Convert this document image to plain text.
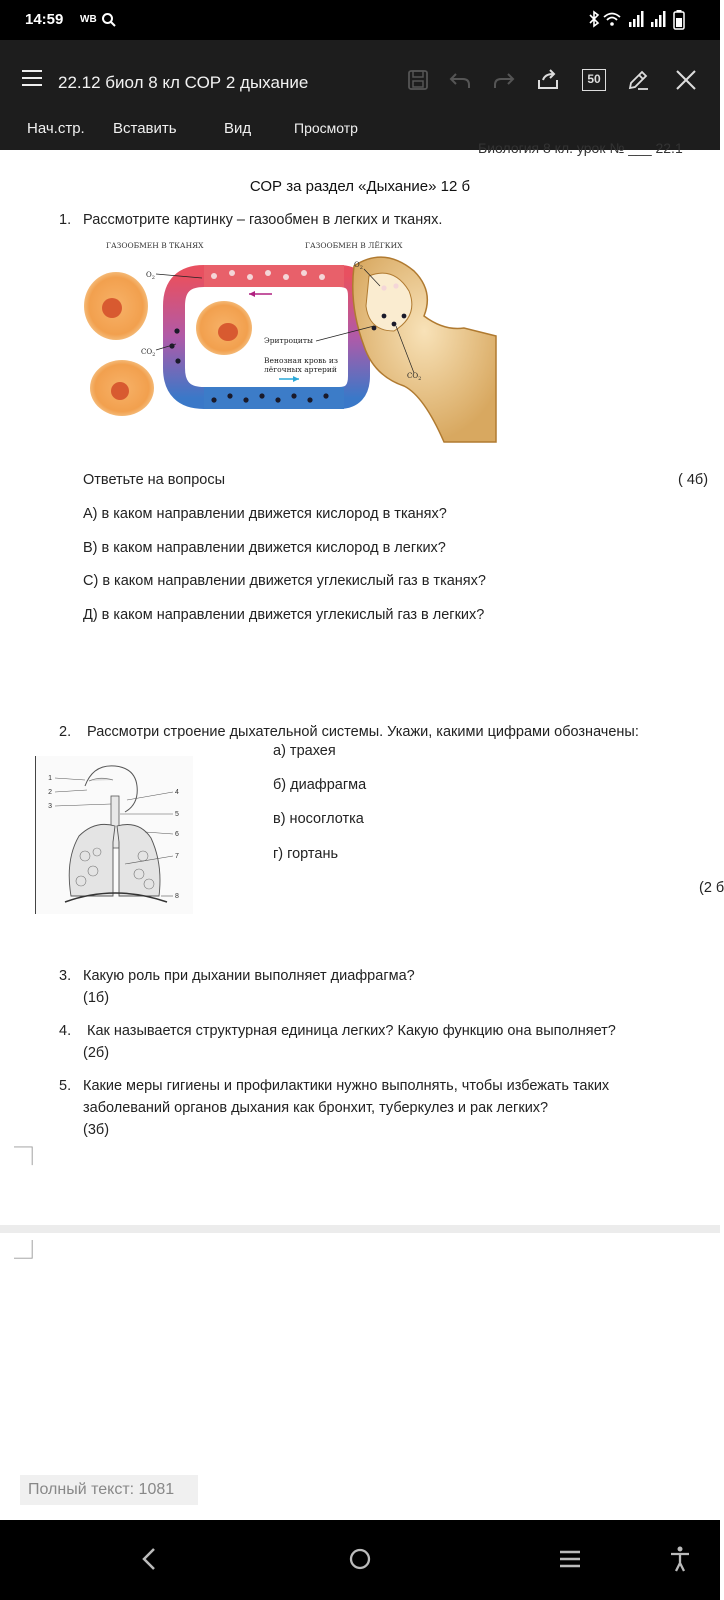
14:59 WB
22.12 биол 8 кл СОР 2 дыхание	50
Нач.стр. Вставить	Вид	Просмотр
Биология 8 кл. урок № ___ 22.1
СОР за раздел «Дыхание» 12 б
1. Рассмотрите картинку – газообмен в легких и тканях.
ГАЗООБМЕН В ТКАНЯХ	ГАЗООБМЕН В ЛЁГКИХ
$O_2$
$CO_2$
$O_2$
$CO_2$
Эритроциты
Венозная кровь из
лёгочных артерий
Ответьте на вопросы	( 4б)
А) в каком направлении движется кислород в тканях?
В) в каком направлении движется кислород в легких?
С) в каком направлении движется углекислый газ в тканях?
Д) в каком направлении движется углекислый газ в легких?
2. Рассмотри строение дыхательной системы. Укажи, какими цифрами обозначены:
1
2
3
4
5
6
7
8
а) трахея
б) диафрагма
в) носоглотка
г) гортань
(2 б
3. Какую роль при дыхании выполняет диафрагма?
(1б)
4. Как называется структурная единица легких? Какую функцию она выполняет?
(2б)
5. Какие меры гигиены и профилактики нужно выполнять, чтобы избежать таких
заболеваний органов дыхания как бронхит, туберкулез и рак легких?
(3б)
Полный текст: 1081
